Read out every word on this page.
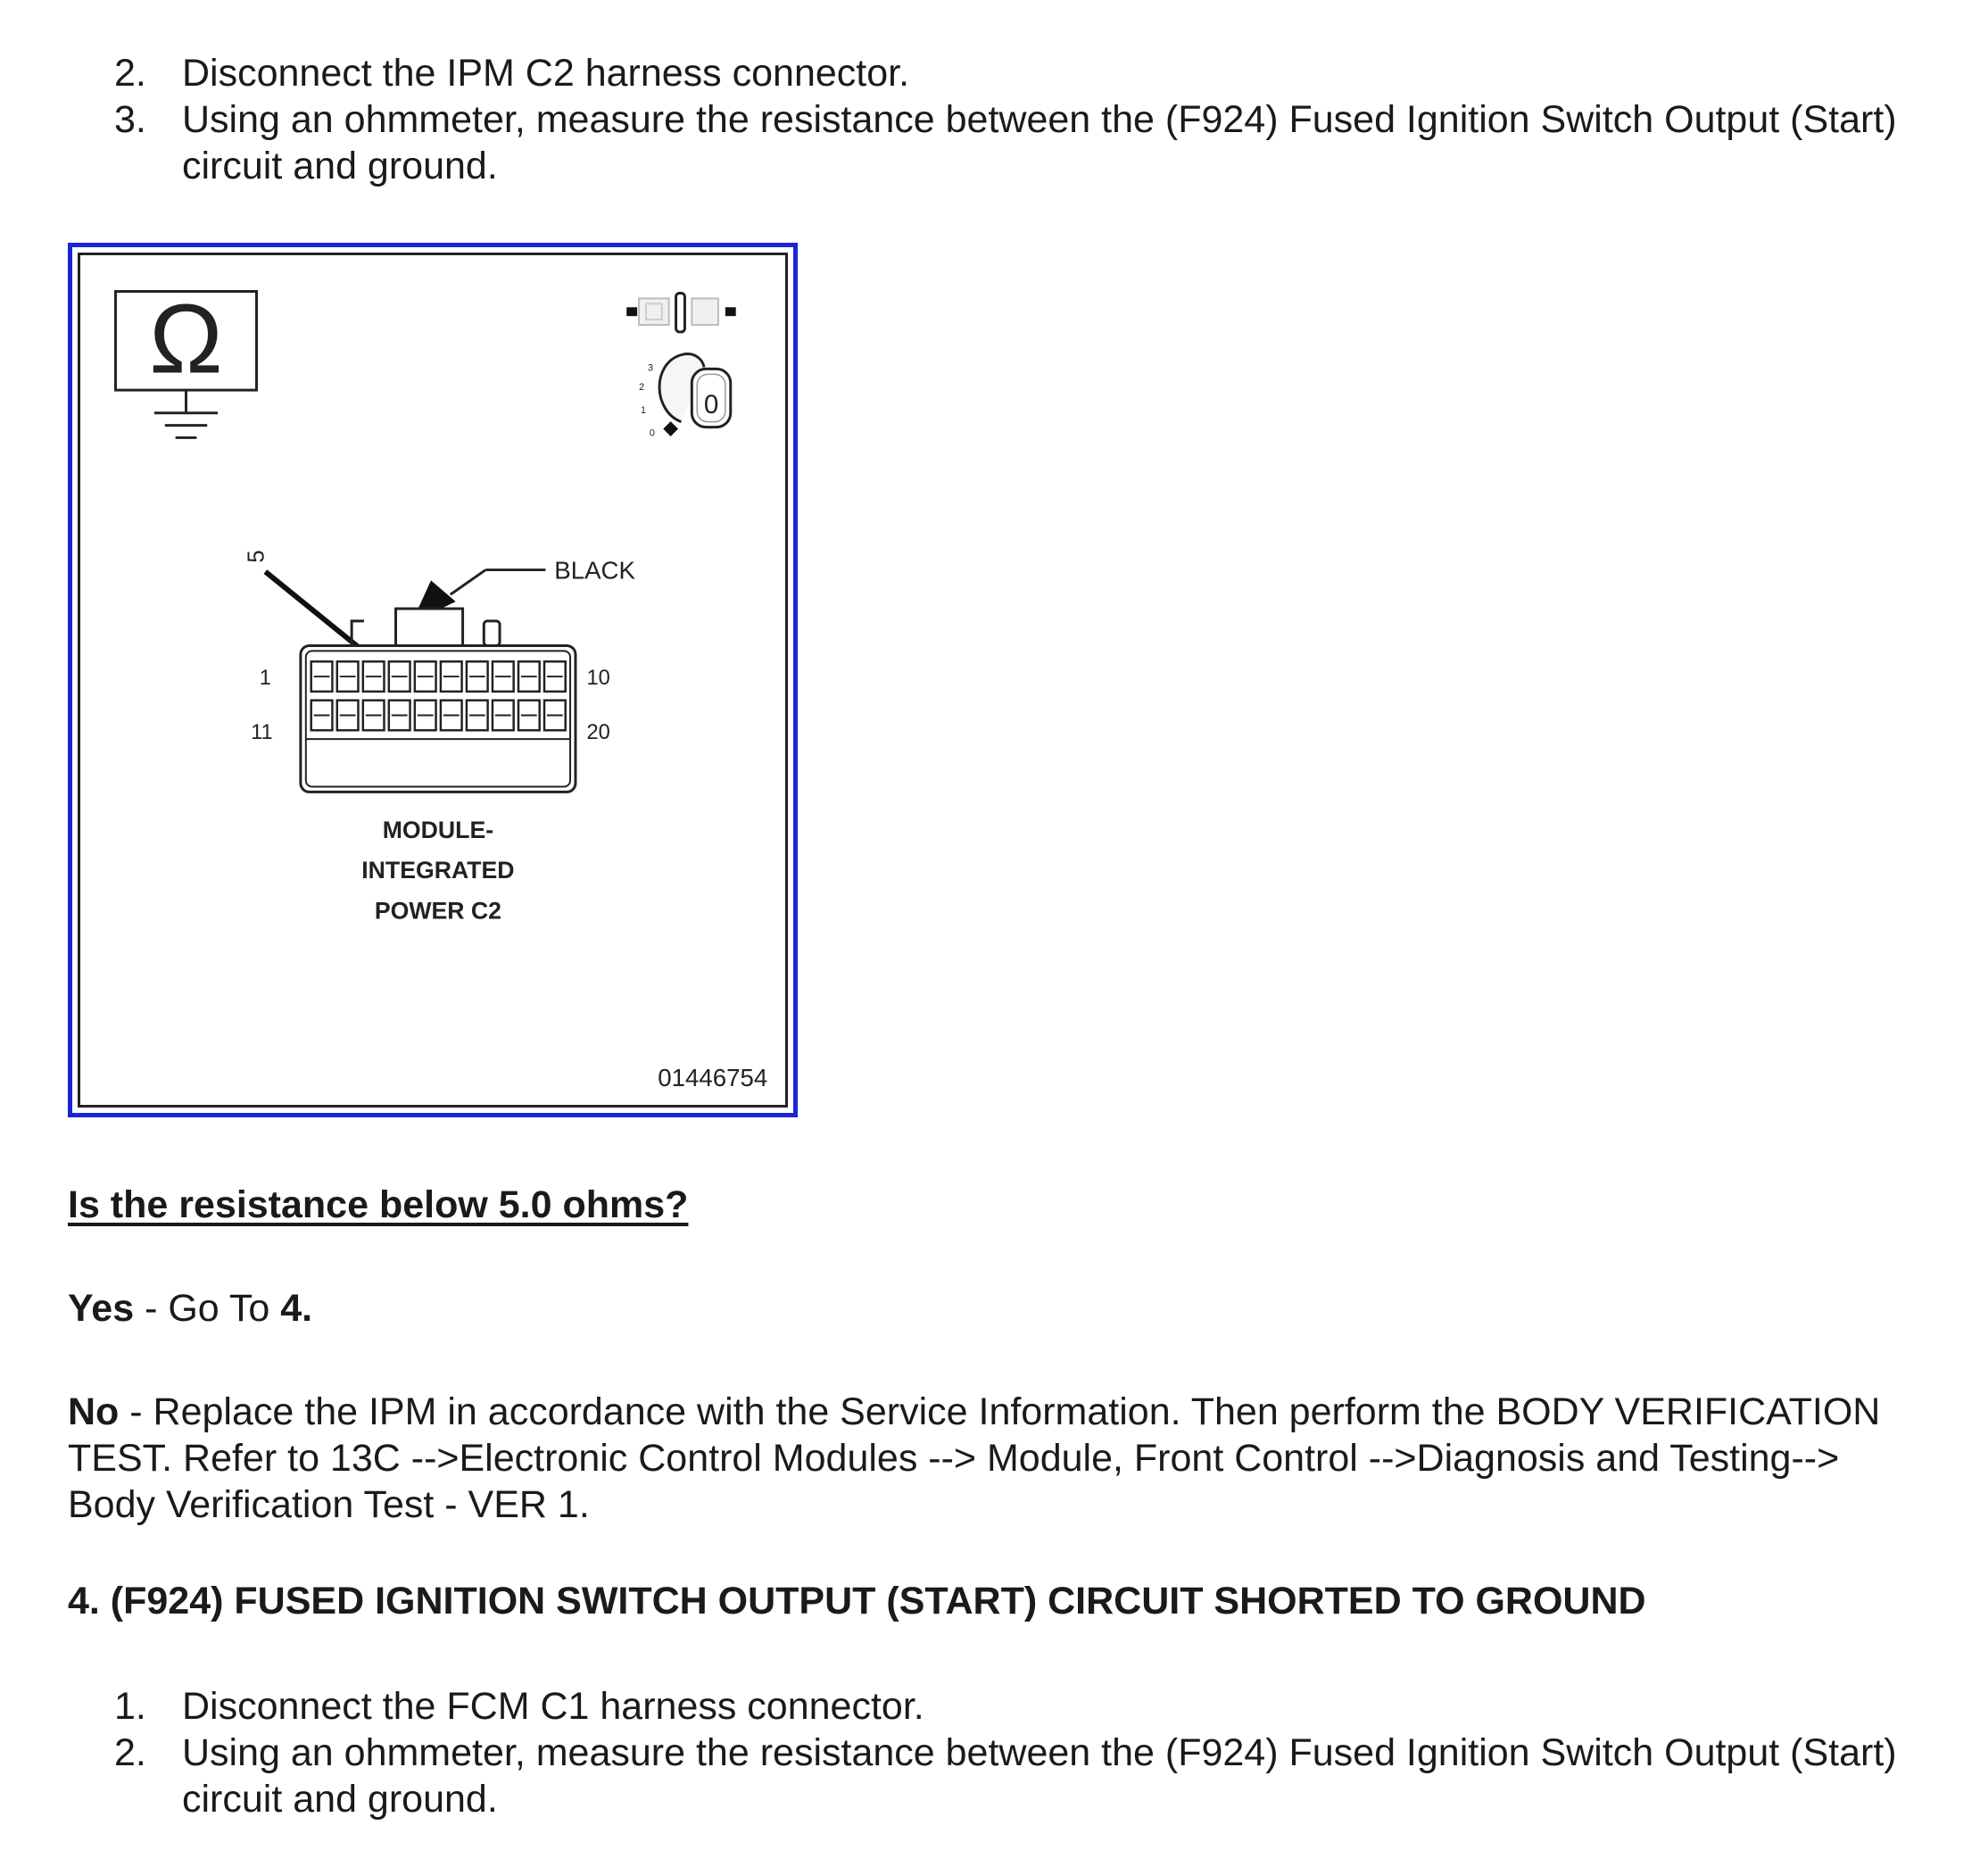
2. Disconnect the IPM C2 harness connector.
3. Using an ohmmeter, measure the resistance between the (F924) Fused Ignition Switch Output (Start) circuit and ground.
Ω	3
2
1
0
0
5	BLACK
1
11
10
20
MODULE-
INTEGRATED
POWER C2
01446754
Is the resistance below 5.0 ohms?
Yes - Go To 4.
No - Replace the IPM in accordance with the Service Information. Then perform the BODY VERIFICATION TEST. Refer to 13C -->Electronic Control Modules --> Module, Front Control -->Diagnosis and Testing--> Body Verification Test - VER 1.
4. (F924) FUSED IGNITION SWITCH OUTPUT (START) CIRCUIT SHORTED TO GROUND
1. Disconnect the FCM C1 harness connector.
2. Using an ohmmeter, measure the resistance between the (F924) Fused Ignition Switch Output (Start) circuit and ground.
